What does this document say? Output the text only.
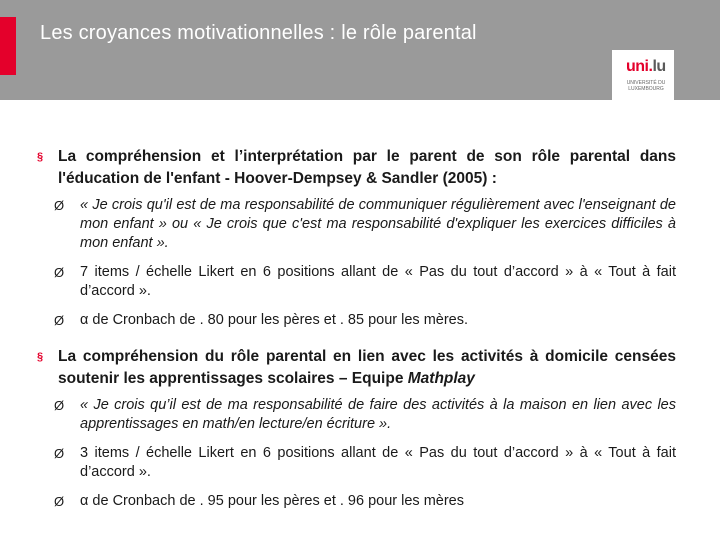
Les croyances motivationnelles : le rôle parental
uni.lu
UNIVERSITÉ DU LUXEMBOURG
§ La compréhension et l’interprétation par le parent de son rôle parental dans l'éducation de l'enfant - Hoover-Dempsey & Sandler (2005) :
Ø « Je crois qu'il est de ma responsabilité de communiquer régulièrement avec l'enseignant de mon enfant » ou « Je crois que c'est ma responsabilité d'expliquer les exercices difficiles à mon enfant ».
Ø 7 items / échelle Likert en 6 positions allant de « Pas du tout d’accord » à « Tout à fait d’accord ».
Ø α de Cronbach de . 80 pour les pères et . 85 pour les mères.
§ La compréhension du rôle parental en lien avec les activités à domicile censées soutenir les apprentissages scolaires – Equipe Mathplay
Ø « Je crois qu’il est de ma responsabilité de faire des activités à la maison en lien avec les apprentissages en math/en lecture/en écriture ».
Ø 3 items / échelle Likert en 6 positions allant de « Pas du tout d’accord » à « Tout à fait d’accord ».
Ø α de Cronbach de . 95 pour les pères et . 96 pour les mères
